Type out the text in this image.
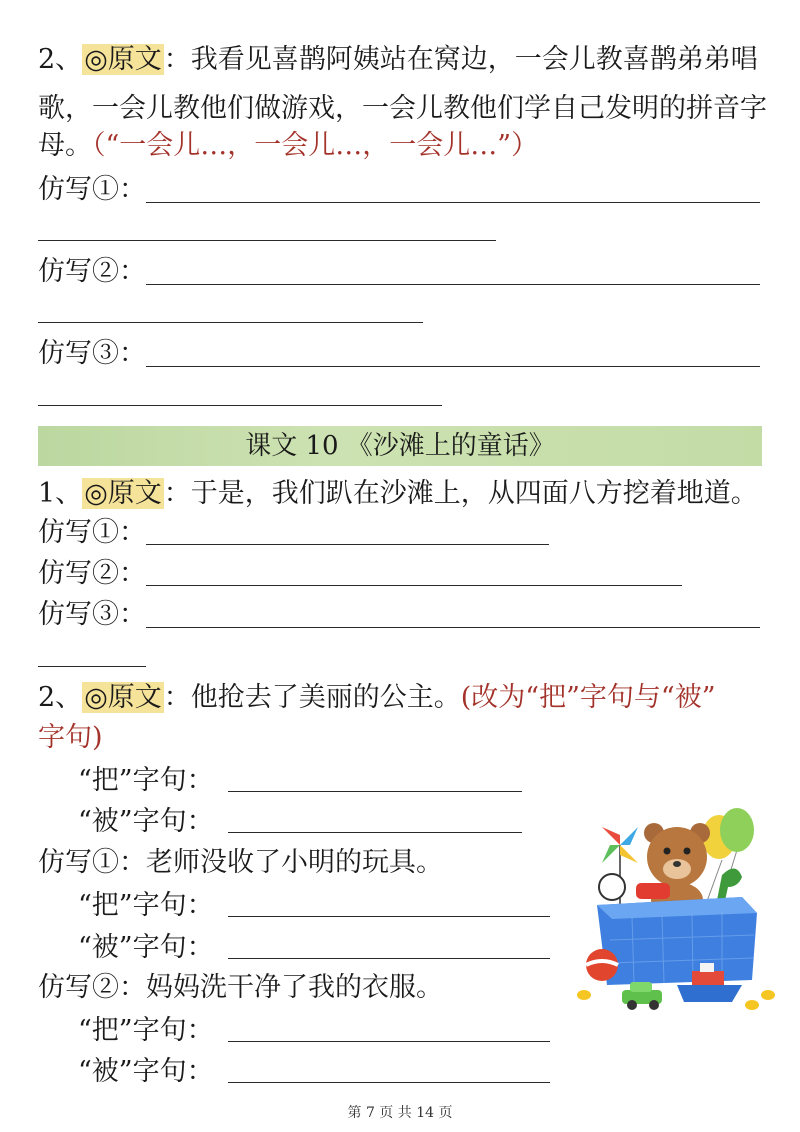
2、◎原文：我看见喜鹊阿姨站在窝边，一会儿教喜鹊弟弟唱
歌，一会儿教他们做游戏，一会儿教他们学自己发明的拼音字
母。（“一会儿…，一会儿…，一会儿…”）
仿写①：
仿写②：
仿写③：
课文 10 《沙滩上的童话》
1、◎原文：于是，我们趴在沙滩上，从四面八方挖着地道。
仿写①：
仿写②：
仿写③：
2、◎原文：他抢去了美丽的公主。(改为“把”字句与“被”
字句)
“把”字句：
“被”字句：
仿写①：老师没收了小明的玩具。
“把”字句：
“被”字句：
仿写②：妈妈洗干净了我的衣服。
“把”字句：
“被”字句：
第 7 页 共 14 页
